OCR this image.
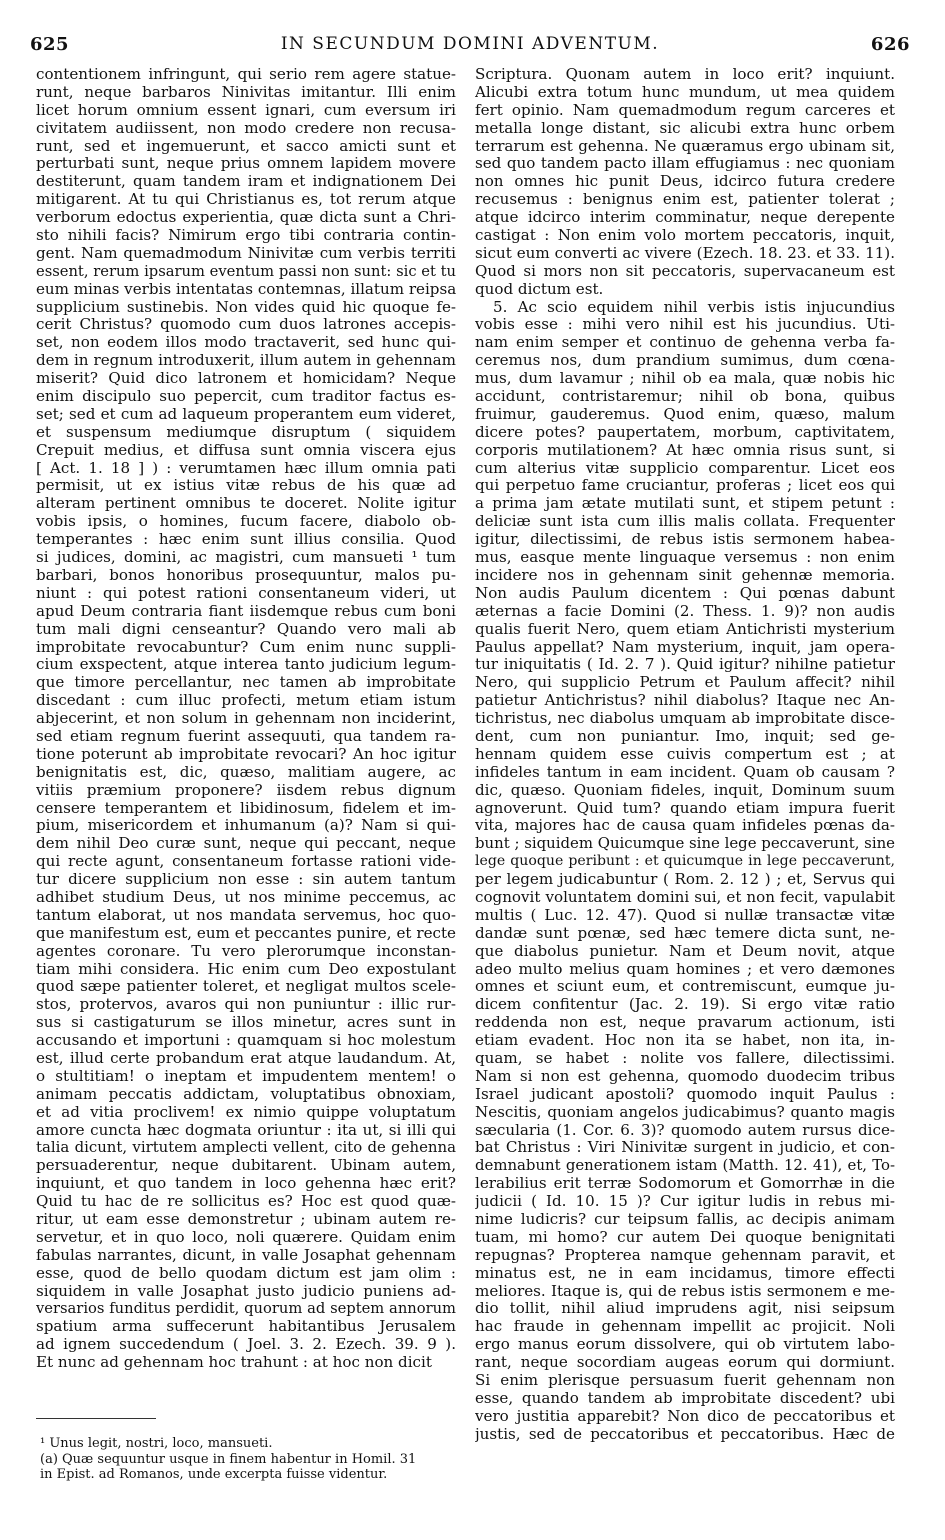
625	IN SECUNDUM DOMINI ADVENTUM.	626
contentionem infringunt, qui serio rem agere statue-
runt, neque barbaros Ninivitas imitantur. Illi enim
licet horum omnium essent ignari, cum eversum iri
civitatem audiissent, non modo credere non recusa-
runt, sed et ingemuerunt, et sacco amicti sunt et
perturbati sunt, neque prius omnem lapidem movere
destiterunt, quam tandem iram et indignationem Dei
mitigarent. At tu qui Christianus es, tot rerum atque
verborum edoctus experientia, quæ dicta sunt a Chri-
sto nihili facis? Nimirum ergo tibi contraria contin-
gent. Nam quemadmodum Ninivitæ cum verbis territi
essent, rerum ipsarum eventum passi non sunt: sic et tu
eum minas verbis intentatas contemnas, illatum reipsa
supplicium sustinebis. Non vides quid hic quoque fe-
cerit Christus? quomodo cum duos latrones accepis-
set, non eodem illos modo tractaverit, sed hunc qui-
dem in regnum introduxerit, illum autem in gehennam
miserit? Quid dico latronem et homicidam? Neque
enim discipulo suo pepercit, cum traditor factus es-
set; sed et cum ad laqueum properantem eum videret,
et suspensum mediumque disruptum ( siquidem
Crepuit medius, et diffusa sunt omnia viscera ejus
[ Act. 1. 18 ] ) : verumtamen hæc illum omnia pati
permisit, ut ex istius vitæ rebus de his quæ ad
alteram pertinent omnibus te doceret. Nolite igitur
vobis ipsis, o homines, fucum facere, diabolo ob-
temperantes : hæc enim sunt illius consilia. Quod
si judices, domini, ac magistri, cum mansueti ¹ tum
barbari, bonos honoribus prosequuntur, malos pu-
niunt : qui potest rationi consentaneum videri, ut
apud Deum contraria fiant iisdemque rebus cum boni
tum mali digni censeantur? Quando vero mali ab
improbitate revocabuntur? Cum enim nunc suppli-
cium exspectent, atque interea tanto judicium legum-
que timore percellantur, nec tamen ab improbitate
discedant : cum illuc profecti, metum etiam istum
abjecerint, et non solum in gehennam non inciderint,
sed etiam regnum fuerint assequuti, qua tandem ra-
tione poterunt ab improbitate revocari? An hoc igitur
benignitatis est, dic, quæso, malitiam augere, ac
vitiis præmium proponere? iisdem rebus dignum
censere temperantem et libidinosum, fidelem et im-
pium, misericordem et inhumanum (a)? Nam si qui-
dem nihil Deo curæ sunt, neque qui peccant, neque
qui recte agunt, consentaneum fortasse rationi vide-
tur dicere supplicium non esse : sin autem tantum
adhibet studium Deus, ut nos minime peccemus, ac
tantum elaborat, ut nos mandata servemus, hoc quo-
que manifestum est, eum et peccantes punire, et recte
agentes coronare. Tu vero plerorumque inconstan-
tiam mihi considera. Hic enim cum Deo expostulant
quod sæpe patienter toleret, et negligat multos scele-
stos, protervos, avaros qui non puniuntur : illic rur-
sus si castigaturum se illos minetur, acres sunt in
accusando et importuni : quamquam si hoc molestum
est, illud certe probandum erat atque laudandum. At,
o stultitiam! o ineptam et impudentem mentem! o
animam peccatis addictam, voluptatibus obnoxiam,
et ad vitia proclivem! ex nimio quippe voluptatum
amore cuncta hæc dogmata oriuntur : ita ut, si illi qui
talia dicunt, virtutem amplecti vellent, cito de gehenna
persuaderentur, neque dubitarent. Ubinam autem,
inquiunt, et quo tandem in loco gehenna hæc erit?
Quid tu hac de re sollicitus es? Hoc est quod quæ-
ritur, ut eam esse demonstretur ; ubinam autem re-
servetur, et in quo loco, noli quærere. Quidam enim
fabulas narrantes, dicunt, in valle Josaphat gehennam
esse, quod de bello quodam dictum est jam olim :
siquidem in valle Josaphat justo judicio puniens ad-
versarios funditus perdidit, quorum ad septem annorum
spatium arma suffecerunt habitantibus Jerusalem
ad ignem succedendum ( Joel. 3. 2. Ezech. 39. 9 ).
Et nunc ad gehennam hoc trahunt : at hoc non dicit
Scriptura. Quonam autem in loco erit? inquiunt.
Alicubi extra totum hunc mundum, ut mea quidem
fert opinio. Nam quemadmodum regum carceres et
metalla longe distant, sic alicubi extra hunc orbem
terrarum est gehenna. Ne quæramus ergo ubinam sit,
sed quo tandem pacto illam effugiamus : nec quoniam
non omnes hic punit Deus, idcirco futura credere
recusemus : benignus enim est, patienter tolerat ;
atque idcirco interim comminatur, neque derepente
castigat : Non enim volo mortem peccatoris, inquit,
sicut eum converti ac vivere (Ezech. 18. 23. et 33. 11).
Quod si mors non sit peccatoris, supervacaneum est
quod dictum est.
5. Ac scio equidem nihil verbis istis injucundius
vobis esse : mihi vero nihil est his jucundius. Uti-
nam enim semper et continuo de gehenna verba fa-
ceremus nos, dum prandium sumimus, dum cœna-
mus, dum lavamur ; nihil ob ea mala, quæ nobis hic
accidunt, contristaremur; nihil ob bona, quibus
fruimur, gauderemus. Quod enim, quæso, malum
dicere potes? paupertatem, morbum, captivitatem,
corporis mutilationem? At hæc omnia risus sunt, si
cum alterius vitæ supplicio comparentur. Licet eos
qui perpetuo fame cruciantur, proferas ; licet eos qui
a prima jam ætate mutilati sunt, et stipem petunt :
deliciæ sunt ista cum illis malis collata. Frequenter
igitur, dilectissimi, de rebus istis sermonem habea-
mus, easque mente linguaque versemus : non enim
incidere nos in gehennam sinit gehennæ memoria.
Non audis Paulum dicentem : Qui pœnas dabunt
æternas a facie Domini (2. Thess. 1. 9)? non audis
qualis fuerit Nero, quem etiam Antichristi mysterium
Paulus appellat? Nam mysterium, inquit, jam opera-
tur iniquitatis ( Id. 2. 7 ). Quid igitur? nihilne patietur
Nero, qui supplicio Petrum et Paulum affecit? nihil
patietur Antichristus? nihil diabolus? Itaque nec An-
tichristus, nec diabolus umquam ab improbitate disce-
dent, cum non puniantur. Imo, inquit; sed ge-
hennam quidem esse cuivis compertum est ; at
infideles tantum in eam incident. Quam ob causam ?
dic, quæso. Quoniam fideles, inquit, Dominum suum
agnoverunt. Quid tum? quando etiam impura fuerit
vita, majores hac de causa quam infideles pœnas da-
bunt ; siquidem Quicumque sine lege peccaverunt, sine
lege quoque peribunt : et quicumque in lege peccaverunt,
per legem judicabuntur ( Rom. 2. 12 ) ; et, Servus qui
cognovit voluntatem domini sui, et non fecit, vapulabit
multis ( Luc. 12. 47). Quod si nullæ transactæ vitæ
dandæ sunt pœnæ, sed hæc temere dicta sunt, ne-
que diabolus punietur. Nam et Deum novit, atque
adeo multo melius quam homines ; et vero dæmones
omnes et sciunt eum, et contremiscunt, eumque ju-
dicem confitentur (Jac. 2. 19). Si ergo vitæ ratio
reddenda non est, neque pravarum actionum, isti
etiam evadent. Hoc non ita se habet, non ita, in-
quam, se habet : nolite vos fallere, dilectissimi.
Nam si non est gehenna, quomodo duodecim tribus
Israel judicant apostoli? quomodo inquit Paulus :
Nescitis, quoniam angelos judicabimus? quanto magis
sæcularia (1. Cor. 6. 3)? quomodo autem rursus dice-
bat Christus : Viri Ninivitæ surgent in judicio, et con-
demnabunt generationem istam (Matth. 12. 41), et, To-
lerabilius erit terræ Sodomorum et Gomorrhæ in die
judicii ( Id. 10. 15 )? Cur igitur ludis in rebus mi-
nime ludicris? cur teipsum fallis, ac decipis animam
tuam, mi homo? cur autem Dei quoque benignitati
repugnas? Propterea namque gehennam paravit, et
minatus est, ne in eam incidamus, timore effecti
meliores. Itaque is, qui de rebus istis sermonem e me-
dio tollit, nihil aliud imprudens agit, nisi seipsum
hac fraude in gehennam impellit ac projicit. Noli
ergo manus eorum dissolvere, qui ob virtutem labo-
rant, neque socordiam augeas eorum qui dormiunt.
Si enim plerisque persuasum fuerit gehennam non
esse, quando tandem ab improbitate discedent? ubi
vero justitia apparebit? Non dico de peccatoribus et
justis, sed de peccatoribus et peccatoribus. Hæc de
¹ Unus legit, nostri, loco, mansueti.
(a) Quæ sequuntur usque in finem habentur in Homil. 31
in Epist. ad Romanos, unde excerpta fuisse videntur.
